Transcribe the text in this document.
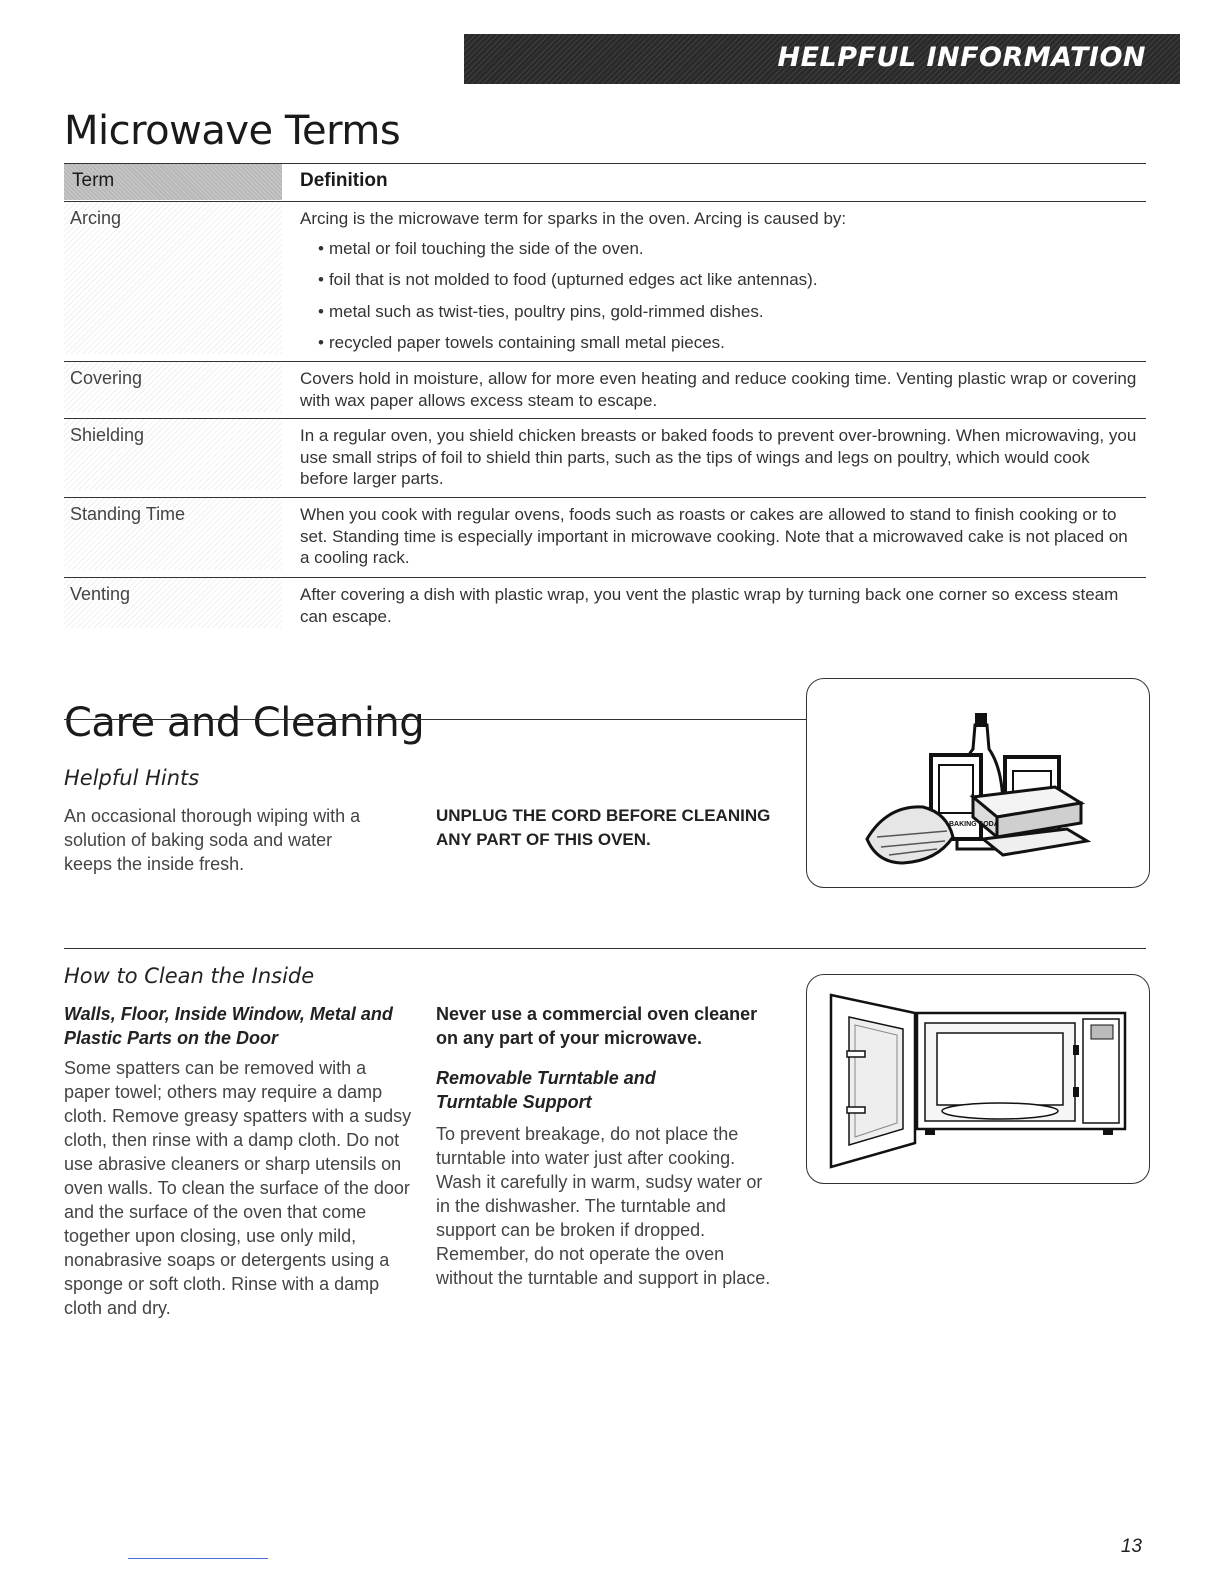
HELPFUL INFORMATION
Microwave Terms
Term	Definition
Arcing	Arcing is the microwave term for sparks in the oven. Arcing is caused by:
• metal or foil touching the side of the oven.
• foil that is not molded to food (upturned edges act like antennas).
• metal such as twist-ties, poultry pins, gold-rimmed dishes.
• recycled paper towels containing small metal pieces.
Covering	Covers hold in moisture, allow for more even heating and reduce cooking time. Venting plastic wrap or covering with wax paper allows excess steam to escape.
Shielding	In a regular oven, you shield chicken breasts or baked foods to prevent over-browning. When microwaving, you use small strips of foil to shield thin parts, such as the tips of wings and legs on poultry, which would cook before larger parts.
Standing Time	When you cook with regular ovens, foods such as roasts or cakes are allowed to stand to finish cooking or to set. Standing time is especially important in microwave cooking. Note that a microwaved cake is not placed on a cooling rack.
Venting	After covering a dish with plastic wrap, you vent the plastic wrap by turning back one corner so excess steam can escape.
Care and Cleaning
Helpful Hints
An occasional thorough wiping with a solution of baking soda and water keeps the inside fresh.
UNPLUG THE CORD BEFORE CLEANING ANY PART OF THIS OVEN.
BAKING SODA
How to Clean the Inside
Walls, Floor, Inside Window, Metal and Plastic Parts on the Door
Some spatters can be removed with a paper towel; others may require a damp cloth. Remove greasy spatters with a sudsy cloth, then rinse with a damp cloth. Do not use abrasive cleaners or sharp utensils on oven walls. To clean the surface of the door and the surface of the oven that come together upon closing, use only mild, nonabrasive soaps or detergents using a sponge or soft cloth. Rinse with a damp cloth and dry.
Never use a commercial oven cleaner on any part of your microwave.
Removable Turntable and Turntable Support
To prevent breakage, do not place the turntable into water just after cooking. Wash it carefully in warm, sudsy water or in the dishwasher. The turntable and support can be broken if dropped. Remember, do not operate the oven without the turntable and support in place.
13
